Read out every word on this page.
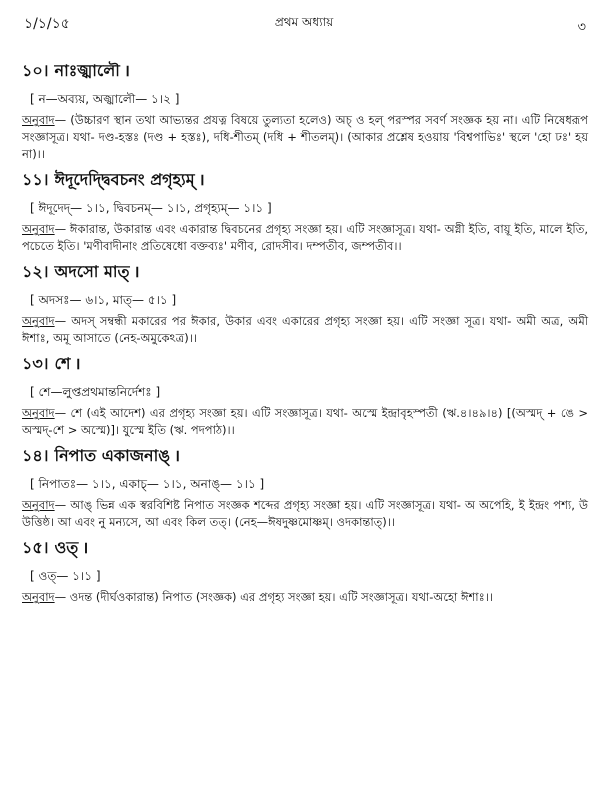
১/১/১৫	প্রথম অধ্যায়	৩
১০। নাঃজ্ঝালৌ ।
[ ন—অব্যয়, অজ্ঝালৌ— ১।২ ]
অনুবাদ— (উচ্চারণ স্থান তথা আভ্যন্তর প্রযত্ন বিষয়ে তুল্যতা হলেও) অচ্ ও হল্ পরস্পর সবর্ণ সংজ্ঞক হয় না। এটি নিষেধরূপ সংজ্ঞাসূত্র। যথা- দণ্ড-হস্তঃ (দণ্ড + হস্তঃ), দধি-শীতম্ (দধি + শীতলম্)। (আকার প্রশ্লেষ হওয়ায় 'বিশ্বপাভিঃ' স্থলে 'হো ঢঃ' হয় না)।।
১১। ঈদূদেদ্দ্বিবচনং প্রগৃহ্যম্ ।
[ ঈদূদেদ্— ১।১, দ্বিবচনম্— ১।১, প্রগৃহ্যম্— ১।১ ]
অনুবাদ— ঈকারান্ত, উকারান্ত এবং একারান্ত দ্বিবচনের প্রগৃহ্য সংজ্ঞা হয়। এটি সংজ্ঞাসূত্র। যথা- অগ্নী ইতি, বায়ূ ইতি, মালে ইতি, পচেতে ইতি। 'মণীবাদীনাং প্রতিষেধো বক্তব্যঃ' মণীব, রোদসীব। দম্পতীব, জম্পতীব।।
১২। অদসো মাত্ ।
[ অদসঃ— ৬।১, মাত্— ৫।১ ]
অনুবাদ— অদস্ সম্বন্ধী মকারের পর ঈকার, উকার এবং একারের প্রগৃহ্য সংজ্ঞা হয়। এটি সংজ্ঞা সূত্র। যথা- অমী অত্র, অমী ঈশাঃ, অমূ আসাতে (নেহ-অমুকেঽত্র)।।
১৩। শে ।
[ শে—লুপ্তপ্রথমান্তনির্দেশঃ ]
অনুবাদ— শে (এই আদেশ) এর প্রগৃহ্য সংজ্ঞা হয়। এটি সংজ্ঞাসূত্র। যথা- অস্মে ইন্দ্রাবৃহস্পতী (ঋ.৪।৪৯।৪) [(অস্মদ্ + ঙে > অস্মদ্-শে > অস্মে)]। যুস্মে ইতি (ঋ. পদপাঠ)।।
১৪। নিপাত একাজনাঙ্ ।
[ নিপাতঃ— ১।১, একাচ্— ১।১, অনাঙ্— ১।১ ]
অনুবাদ— আঙ্ ভিন্ন এক স্বরবিশিষ্ট নিপাত সংজ্ঞক শব্দের প্রগৃহ্য সংজ্ঞা হয়। এটি সংজ্ঞাসূত্র। যথা- অ অপেহি, ই ইন্দ্রং পশ্য, উ উত্তিষ্ঠ। আ এবং নু মন্যসে, আ এবং কিল তত্। (নেহ—ঈষদুষ্ণমোষ্ণম্। ওদকান্তাত্)।।
১৫। ওত্ ।
[ ওত্— ১।১ ]
অনুবাদ— ওদন্ত (দীর্ঘওকারান্ত) নিপাত (সংজ্ঞক) এর প্রগৃহ্য সংজ্ঞা হয়। এটি সংজ্ঞাসূত্র। যথা-অহো ঈশাঃ।।
